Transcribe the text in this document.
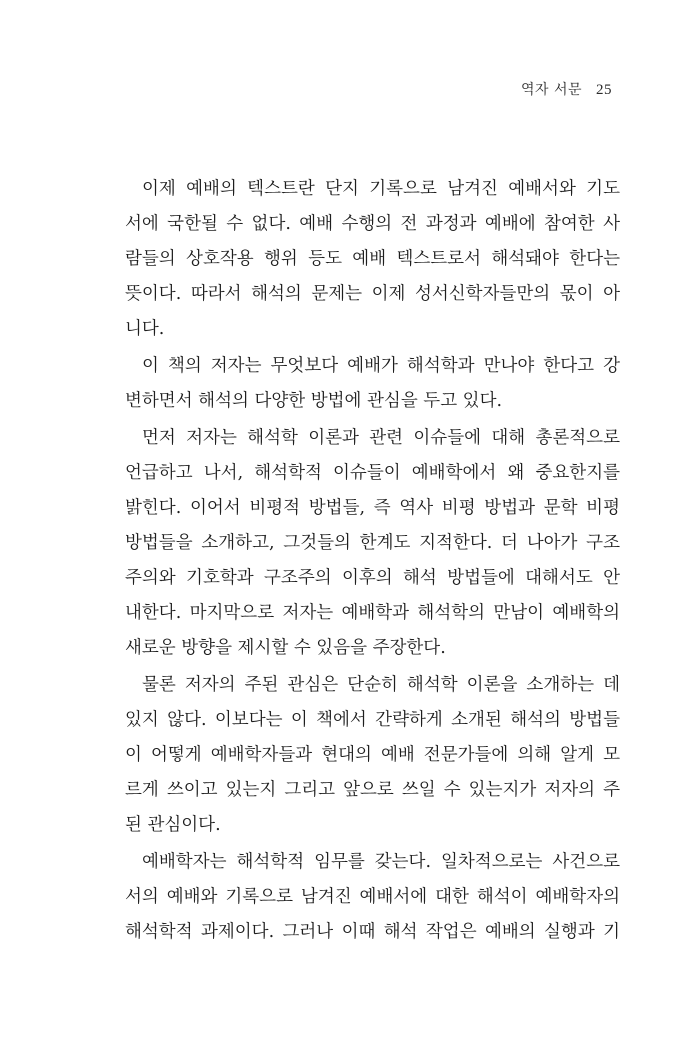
역자 서문 25
이제 예배의 텍스트란 단지 기록으로 남겨진 예배서와 기도
서에 국한될 수 없다. 예배 수행의 전 과정과 예배에 참여한 사
람들의 상호작용 행위 등도 예배 텍스트로서 해석돼야 한다는
뜻이다. 따라서 해석의 문제는 이제 성서신학자들만의 몫이 아
니다.
이 책의 저자는 무엇보다 예배가 해석학과 만나야 한다고 강
변하면서 해석의 다양한 방법에 관심을 두고 있다.
먼저 저자는 해석학 이론과 관련 이슈들에 대해 총론적으로
언급하고 나서, 해석학적 이슈들이 예배학에서 왜 중요한지를
밝힌다. 이어서 비평적 방법들, 즉 역사 비평 방법과 문학 비평
방법들을 소개하고, 그것들의 한계도 지적한다. 더 나아가 구조
주의와 기호학과 구조주의 이후의 해석 방법들에 대해서도 안
내한다. 마지막으로 저자는 예배학과 해석학의 만남이 예배학의
새로운 방향을 제시할 수 있음을 주장한다.
물론 저자의 주된 관심은 단순히 해석학 이론을 소개하는 데
있지 않다. 이보다는 이 책에서 간략하게 소개된 해석의 방법들
이 어떻게 예배학자들과 현대의 예배 전문가들에 의해 알게 모
르게 쓰이고 있는지 그리고 앞으로 쓰일 수 있는지가 저자의 주
된 관심이다.
예배학자는 해석학적 임무를 갖는다. 일차적으로는 사건으로
서의 예배와 기록으로 남겨진 예배서에 대한 해석이 예배학자의
해석학적 과제이다. 그러나 이때 해석 작업은 예배의 실행과 기
